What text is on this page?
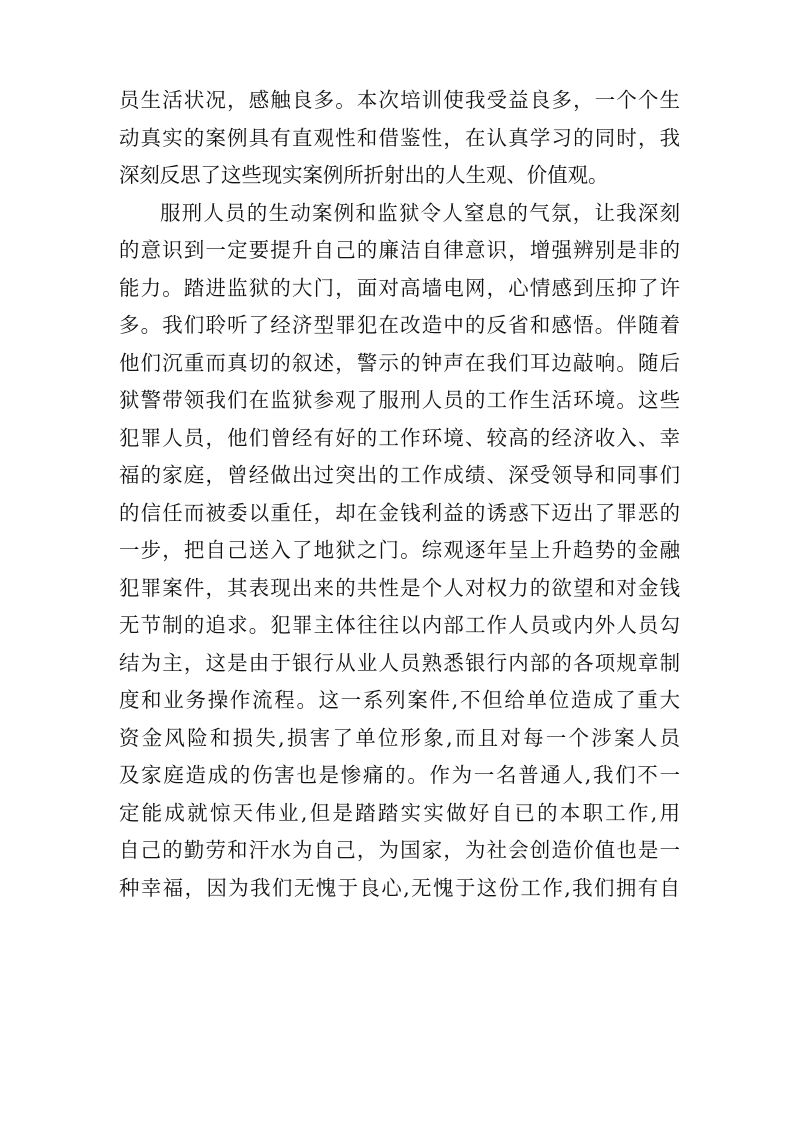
员生活状况，感触良多。本次培训使我受益良多，一个个生
动真实的案例具有直观性和借鉴性，在认真学习的同时，我
深刻反思了这些现实案例所折射出的人生观、价值观。
服刑人员的生动案例和监狱令人窒息的气氛，让我深刻
的意识到一定要提升自己的廉洁自律意识，增强辨别是非的
能力。踏进监狱的大门，面对高墙电网，心情感到压抑了许
多。我们聆听了经济型罪犯在改造中的反省和感悟。伴随着
他们沉重而真切的叙述，警示的钟声在我们耳边敲响。随后
狱警带领我们在监狱参观了服刑人员的工作生活环境。这些
犯罪人员，他们曾经有好的工作环境、较高的经济收入、幸
福的家庭，曾经做出过突出的工作成绩、深受领导和同事们
的信任而被委以重任，却在金钱利益的诱惑下迈出了罪恶的
一步，把自己送入了地狱之门。综观逐年呈上升趋势的金融
犯罪案件，其表现出来的共性是个人对权力的欲望和对金钱
无节制的追求。犯罪主体往往以内部工作人员或内外人员勾
结为主，这是由于银行从业人员熟悉银行内部的各项规章制
度和业务操作流程。这一系列案件,不但给单位造成了重大
资金风险和损失,损害了单位形象,而且对每一个涉案人员
及家庭造成的伤害也是惨痛的。作为一名普通人,我们不一
定能成就惊天伟业,但是踏踏实实做好自已的本职工作,用
自己的勤劳和汗水为自己，为国家，为社会创造价值也是一
种幸福，因为我们无愧于良心,无愧于这份工作,我们拥有自
